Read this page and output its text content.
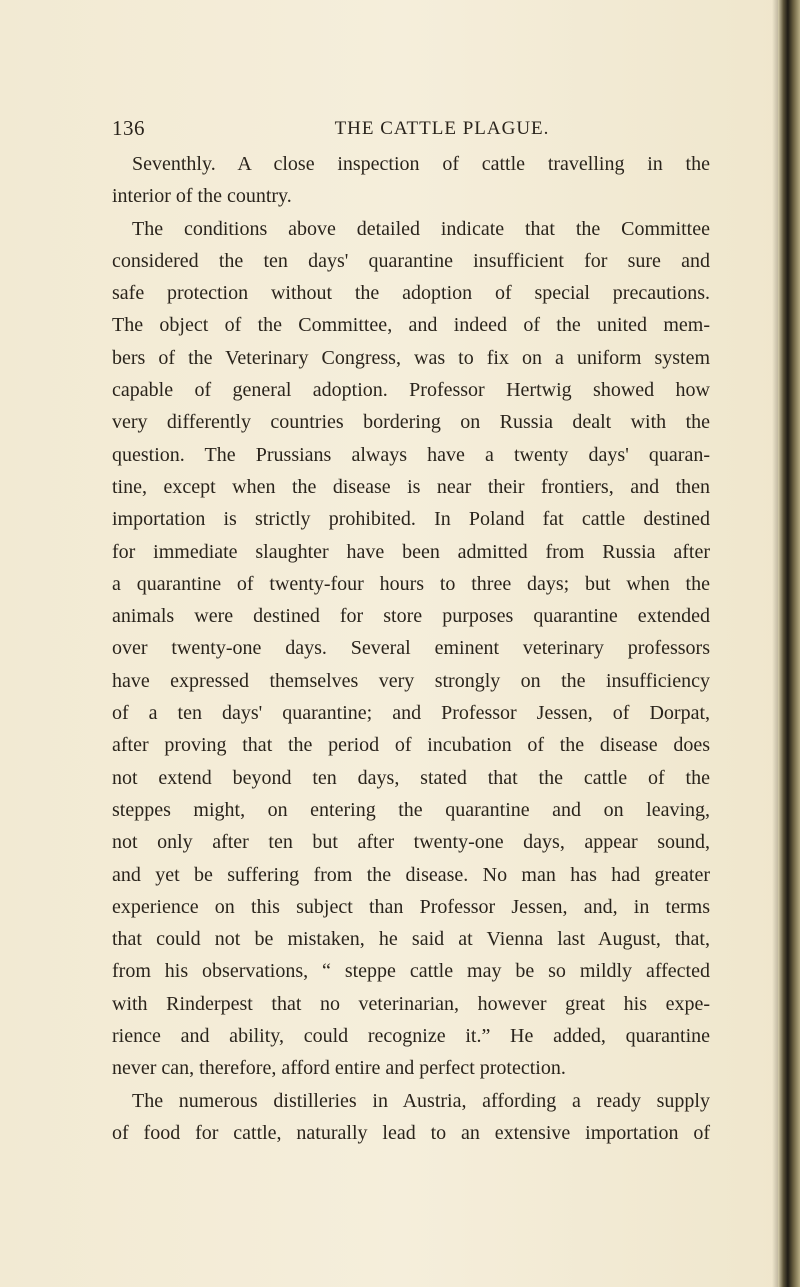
136	THE CATTLE PLAGUE.
Seventhly. A close inspection of cattle travelling in the
interior of the country.
The conditions above detailed indicate that the Committee
considered the ten days' quarantine insufficient for sure and
safe protection without the adoption of special precautions.
The object of the Committee, and indeed of the united mem-
bers of the Veterinary Congress, was to fix on a uniform system
capable of general adoption. Professor Hertwig showed how
very differently countries bordering on Russia dealt with the
question. The Prussians always have a twenty days' quaran-
tine, except when the disease is near their frontiers, and then
importation is strictly prohibited. In Poland fat cattle destined
for immediate slaughter have been admitted from Russia after
a quarantine of twenty-four hours to three days; but when the
animals were destined for store purposes quarantine extended
over twenty-one days. Several eminent veterinary professors
have expressed themselves very strongly on the insufficiency
of a ten days' quarantine; and Professor Jessen, of Dorpat,
after proving that the period of incubation of the disease does
not extend beyond ten days, stated that the cattle of the
steppes might, on entering the quarantine and on leaving,
not only after ten but after twenty-one days, appear sound,
and yet be suffering from the disease. No man has had greater
experience on this subject than Professor Jessen, and, in terms
that could not be mistaken, he said at Vienna last August, that,
from his observations, “ steppe cattle may be so mildly affected
with Rinderpest that no veterinarian, however great his expe-
rience and ability, could recognize it.” He added, quarantine
never can, therefore, afford entire and perfect protection.
The numerous distilleries in Austria, affording a ready supply
of food for cattle, naturally lead to an extensive importation of
